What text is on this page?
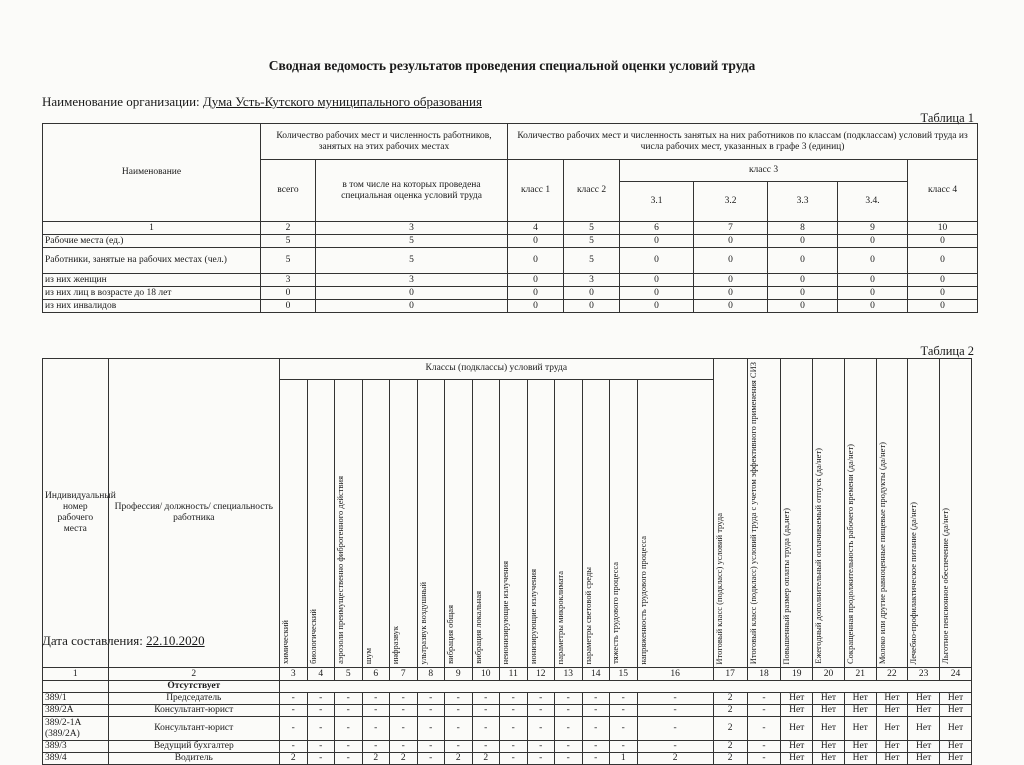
Сводная ведомость результатов проведения специальной оценки условий труда
Наименование организации: Дума Усть-Кутского муниципального образования
Таблица 1
Наименование	Количество рабочих мест и численность работников, занятых на этих рабочих местах		Количество рабочих мест и численность занятых на них работников по классам (подклассам) условий труда из числа рабочих мест, указанных в графе 3 (единиц)						
	всего	в том числе на которых проведена специальная оценка условий труда	класс 1	класс 2	класс 3				класс 4
					3.1	3.2	3.3	3.4.	
1	2	3	4	5	6	7	8	9	10
Рабочие места (ед.)	5	5	0	5	0	0	0	0	0
Работники, занятые на рабочих местах (чел.)	5	5	0	5	0	0	0	0	0
из них женщин	3	3	0	3	0	0	0	0	0
из них лиц в возрасте до 18 лет	0	0	0	0	0	0	0	0	0
из них инвалидов	0	0	0	0	0	0	0	0	0
Таблица 2
Индивидуальный номер рабочего места	Профессия/ должность/ специальность работника	Классы (подклассы) условий труда														Итоговый класс (подкласс) условий труда	Итоговый класс (подкласс) условий труда с учетом эффективного применения СИЗ	Повышенный размер оплаты труда (да,нет)	Ежегодный дополнительный оплачиваемый отпуск (да/нет)	Сокращенная продолжительность рабочего времени (да/нет)	Молоко или другие равноценные пищевые продукты (да/нет)	Лечебно-профилактическое питание (да/нет)	Льготное пенсионное обеспечение (да/нет)

		химический	биологический	аэрозоли преимущественно фиброгенного действия	шум	инфразвук	ультразвук воздушный	вибрация общая	вибрация локальная	неионизирующие излучения	ионизирующие излучения	параметры микроклимата	параметры световой среды	тяжесть трудового процесса	напряженность трудового процесса								

1	2	3	4	5	6	7	8	9	10	11	12	13	14	15	16	17	18	19	20	21	22	23	24
	Отсутствует																						
389/1	Председатель	-	-	-	-	-	-	-	-	-	-	-	-	-	-	2	-	Нет	Нет	Нет	Нет	Нет	Нет
389/2А	Консультант-юрист	-	-	-	-	-	-	-	-	-	-	-	-	-	-	2	-	Нет	Нет	Нет	Нет	Нет	Нет
389/2-1А (389/2А)	Консультант-юрист	-	-	-	-	-	-	-	-	-	-	-	-	-	-	2	-	Нет	Нет	Нет	Нет	Нет	Нет
389/3	Ведущий бухгалтер	-	-	-	-	-	-	-	-	-	-	-	-	-	-	2	-	Нет	Нет	Нет	Нет	Нет	Нет
389/4	Водитель	2	-	-	2	2	-	2	2	-	-	-	-	1	2	2	-	Нет	Нет	Нет	Нет	Нет	Нет
Дата составления: 22.10.2020
